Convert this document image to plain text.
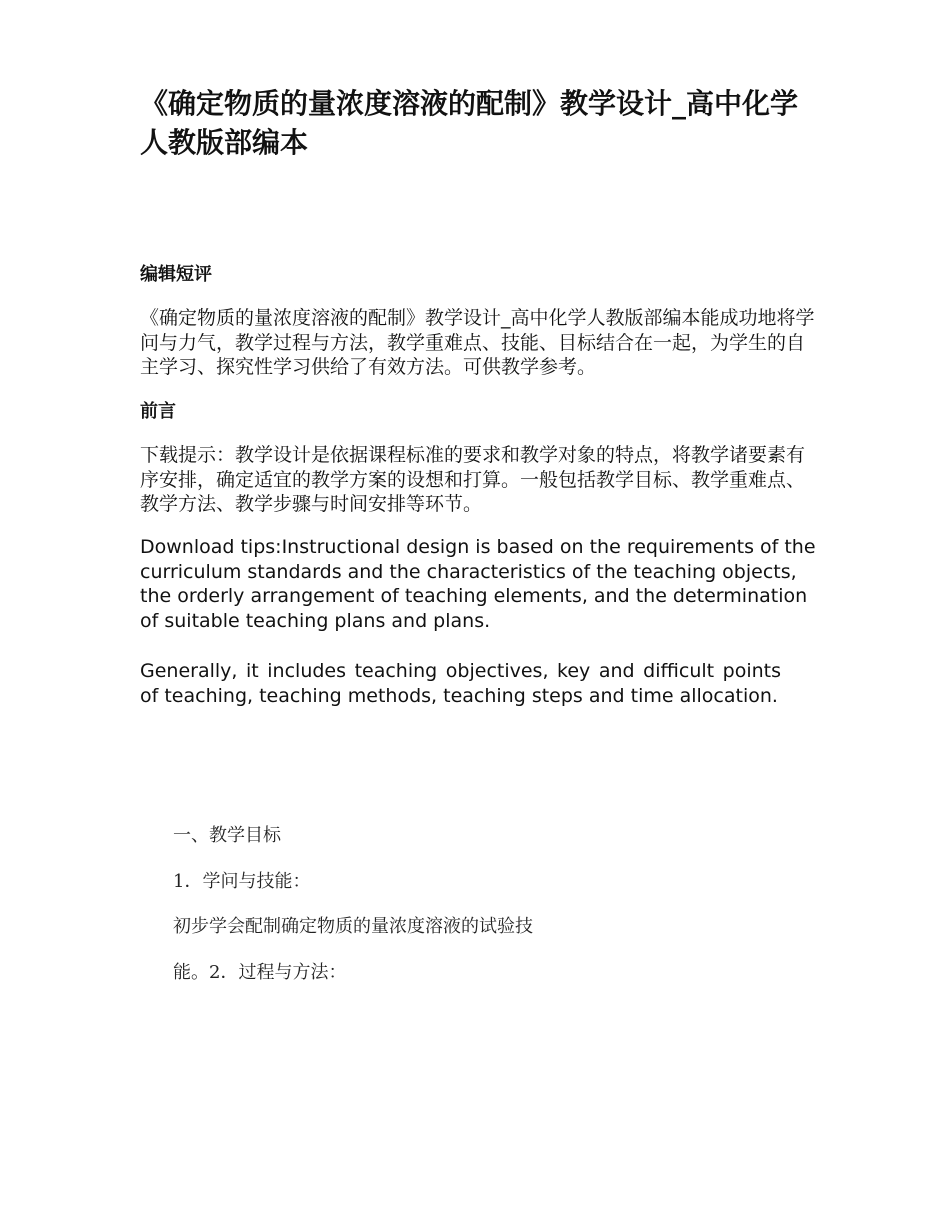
《确定物质的量浓度溶液的配制》教学设计_高中化学人教版部编本
编辑短评
《确定物质的量浓度溶液的配制》教学设计_高中化学人教版部编本能成功地将学问与力气，教学过程与方法，教学重难点、技能、目标结合在一起，为学生的自主学习、探究性学习供给了有效方法。可供教学参考。
前言
下载提示：教学设计是依据课程标准的要求和教学对象的特点，将教学诸要素有序安排，确定适宜的教学方案的设想和打算。一般包括教学目标、教学重难点、教学方法、教学步骤与时间安排等环节。
Download tips:Instructional design is based on the requirements of the curriculum standards and the characteristics of the teaching objects, the orderly arrangement of teaching elements, and the determination of suitable teaching plans and plans.
Generally, it includes teaching objectives, key and difficult points of teaching, teaching methods, teaching steps and time allocation.
一、教学目标
1．学问与技能：
初步学会配制确定物质的量浓度溶液的试验技
能。2．过程与方法：
